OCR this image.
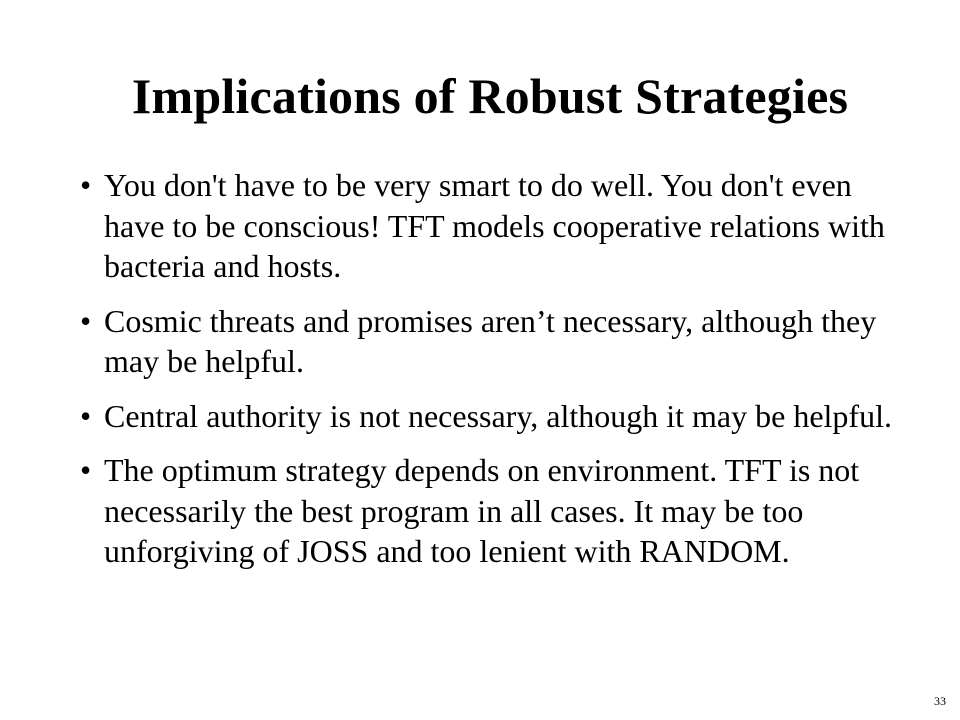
Implications of Robust Strategies
• You don't have to be very smart to do well. You don't even have to be conscious! TFT models cooperative relations with bacteria and hosts.
• Cosmic threats and promises aren’t necessary, although they may be helpful.
• Central authority is not necessary, although it may be helpful.
• The optimum strategy depends on environment. TFT is not necessarily the best program in all cases. It may be too unforgiving of JOSS and too lenient with RANDOM.
33
